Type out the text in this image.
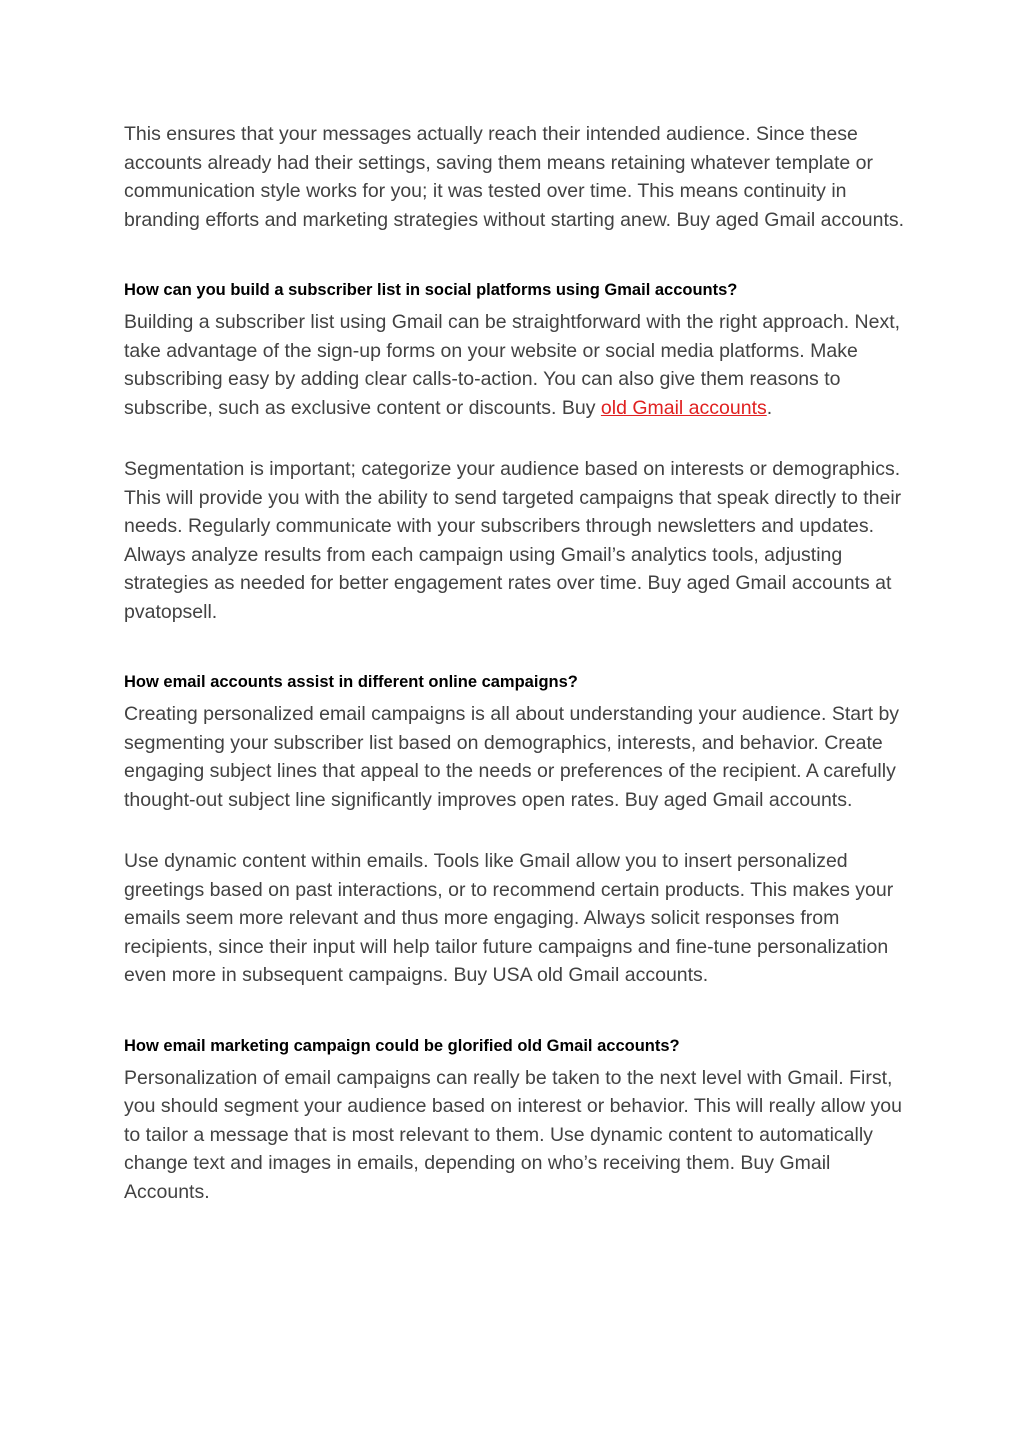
This ensures that your messages actually reach their intended audience. Since these accounts already had their settings, saving them means retaining whatever template or communication style works for you; it was tested over time. This means continuity in branding efforts and marketing strategies without starting anew. Buy aged Gmail accounts.

How can you build a subscriber list in social platforms using Gmail accounts?

Building a subscriber list using Gmail can be straightforward with the right approach. Next, take advantage of the sign-up forms on your website or social media platforms. Make subscribing easy by adding clear calls-to-action. You can also give them reasons to subscribe, such as exclusive content or discounts. Buy old Gmail accounts.

Segmentation is important; categorize your audience based on interests or demographics. This will provide you with the ability to send targeted campaigns that speak directly to their needs. Regularly communicate with your subscribers through newsletters and updates. Always analyze results from each campaign using Gmail’s analytics tools, adjusting strategies as needed for better engagement rates over time. Buy aged Gmail accounts at pvatopsell.

How email accounts assist in different online campaigns?

Creating personalized email campaigns is all about understanding your audience. Start by segmenting your subscriber list based on demographics, interests, and behavior. Create engaging subject lines that appeal to the needs or preferences of the recipient. A carefully thought-out subject line significantly improves open rates. Buy aged Gmail accounts.

Use dynamic content within emails. Tools like Gmail allow you to insert personalized greetings based on past interactions, or to recommend certain products. This makes your emails seem more relevant and thus more engaging. Always solicit responses from recipients, since their input will help tailor future campaigns and fine-tune personalization even more in subsequent campaigns. Buy USA old Gmail accounts.

How email marketing campaign could be glorified old Gmail accounts?

Personalization of email campaigns can really be taken to the next level with Gmail. First, you should segment your audience based on interest or behavior. This will really allow you to tailor a message that is most relevant to them. Use dynamic content to automatically change text and images in emails, depending on who’s receiving them. Buy Gmail Accounts.
